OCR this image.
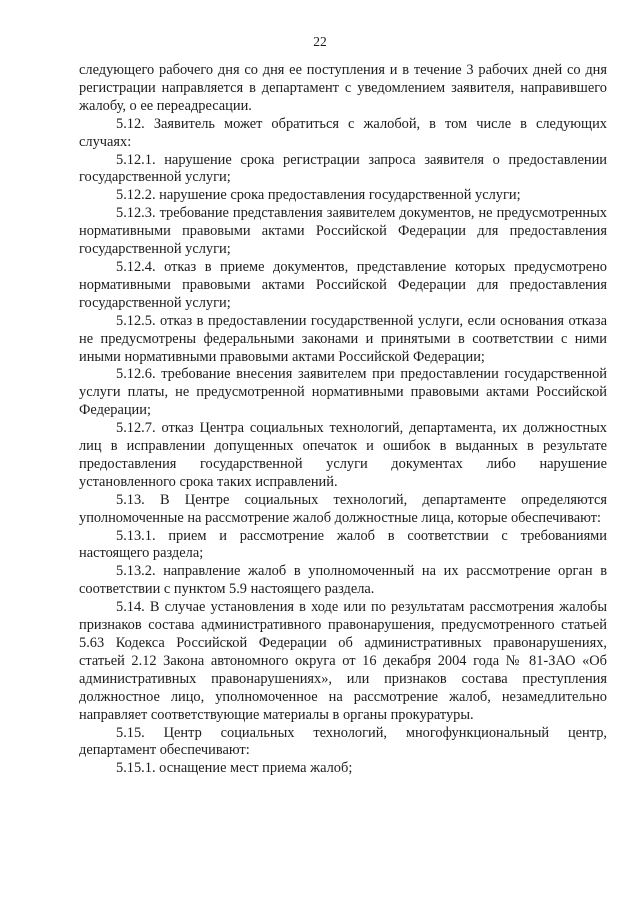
22

следующего рабочего дня со дня ее поступления и в течение 3 рабочих дней со дня регистрации направляется в департамент с уведомлением заявителя, направившего жалобу, о ее переадресации.

5.12. Заявитель может обратиться с жалобой, в том числе в следующих случаях:

5.12.1. нарушение срока регистрации запроса заявителя о предоставлении государственной услуги;

5.12.2. нарушение срока предоставления государственной услуги;

5.12.3. требование представления заявителем документов, не предусмотренных нормативными правовыми актами Российской Федерации для предоставления государственной услуги;

5.12.4. отказ в приеме документов, представление которых предусмотрено нормативными правовыми актами Российской Федерации для предоставления государственной услуги;

5.12.5. отказ в предоставлении государственной услуги, если основания отказа не предусмотрены федеральными законами и принятыми в соответствии с ними иными нормативными правовыми актами Российской Федерации;

5.12.6. требование внесения заявителем при предоставлении государственной услуги платы, не предусмотренной нормативными правовыми актами Российской Федерации;

5.12.7. отказ Центра социальных технологий, департамента, их должностных лиц в исправлении допущенных опечаток и ошибок в выданных в результате предоставления государственной услуги документах либо нарушение установленного срока таких исправлений.

5.13. В Центре социальных технологий, департаменте определяются уполномоченные на рассмотрение жалоб должностные лица, которые обеспечивают:

5.13.1. прием и рассмотрение жалоб в соответствии с требованиями настоящего раздела;

5.13.2. направление жалоб в уполномоченный на их рассмотрение орган в соответствии с пунктом 5.9 настоящего раздела.

5.14. В случае установления в ходе или по результатам рассмотрения жалобы признаков состава административного правонарушения, предусмотренного статьей 5.63 Кодекса Российской Федерации об административных правонарушениях, статьей 2.12 Закона автономного округа от 16 декабря 2004 года № 81-ЗАО «Об административных правонарушениях», или признаков состава преступления должностное лицо, уполномоченное на рассмотрение жалоб, незамедлительно направляет соответствующие материалы в органы прокуратуры.

5.15. Центр социальных технологий, многофункциональный центр, департамент обеспечивают:

5.15.1. оснащение мест приема жалоб;
